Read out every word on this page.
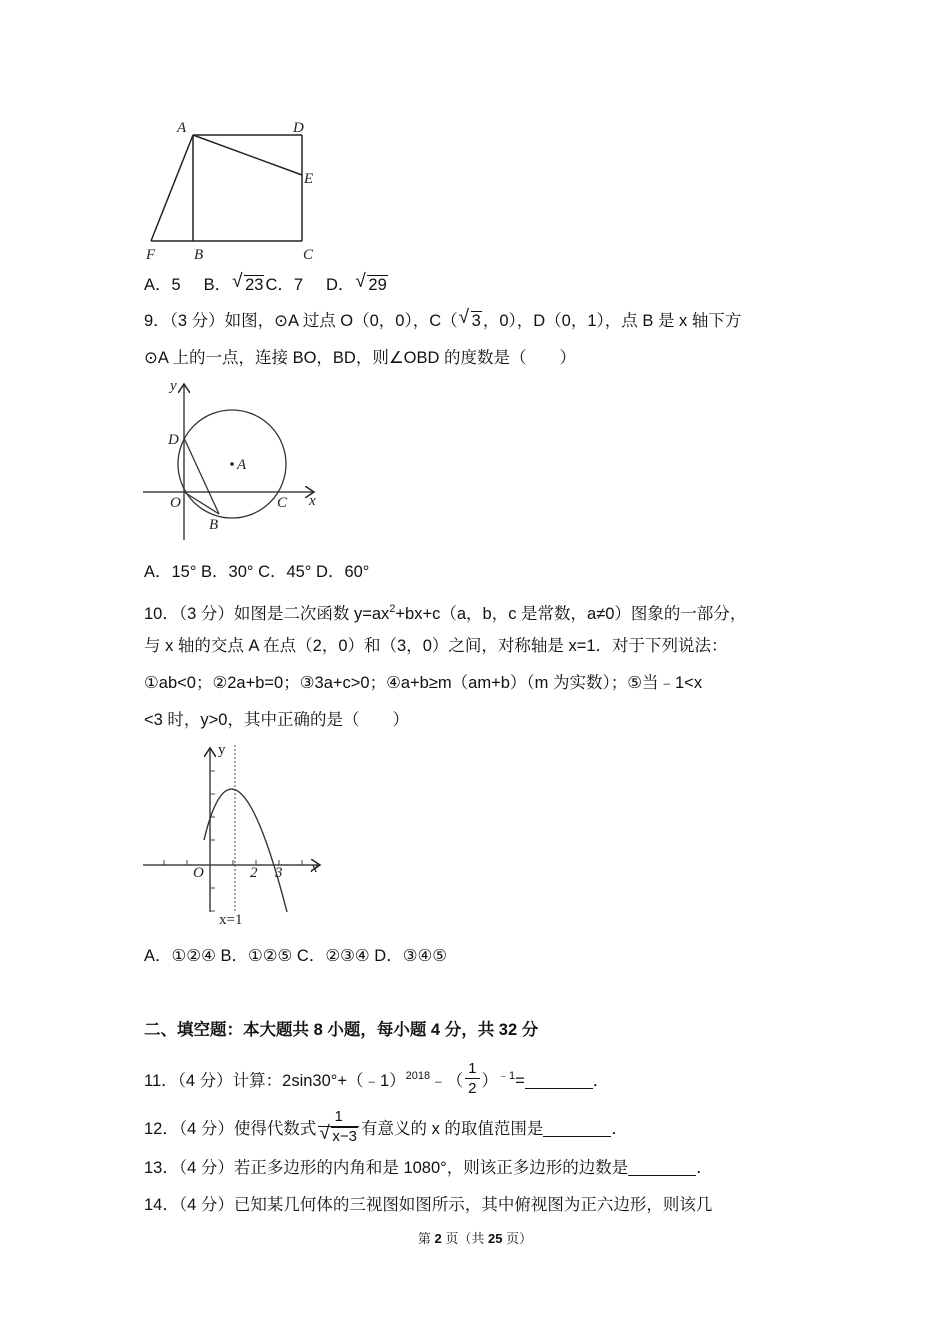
A	D
E
F	B	C
A．5 B． √ 23 C．7 D． √ 29
9．（3 分）如图，⊙A 过点 O（0，0），C（ √ 3 ，0），D（0，1），点 B 是 x 轴下方
⊙A 上的一点，连接 BO，BD，则∠OBD 的度数是（　　）
y
x
D
A
O	C
B
A．15° B．30° C．45° D．60°
10．（3 分）如图是二次函数 $y=ax^2+bx+c(a$，b，c 是常数，a≠0）图象的一部分，
与 x 轴的交点 A 在点（2，0）和（3，0）之间，对称轴是 x=1．对于下列说法：
①ab<0；②2a+b=0；③3a+c>0；④a+b≥m（am+b）（m 为实数）；⑤当﹣1<x
<3 时，y>0，其中正确的是（　　）
y
x
O	2 3
x=1
A．①②④ B．①②⑤ C．②③④ D．③④⑤
二、填空题：本大题共 8 小题，每小题 4 分，共 32 分
11．（4 分）计算：2sin30°+（﹣1）$^{2018}$﹣（ $\frac{1}{2} )^{﹣1}=$	．
12．（4 分）使得代数式 $\frac{1}{√ x-3}$ 有意义的 x 的取值范围是	．
13．（4 分）若正多边形的内角和是 1080°，则该正多边形的边数是	．
14．（4 分）已知某几何体的三视图如图所示，其中俯视图为正六边形，则该几
第 2 页（共 25 页）
